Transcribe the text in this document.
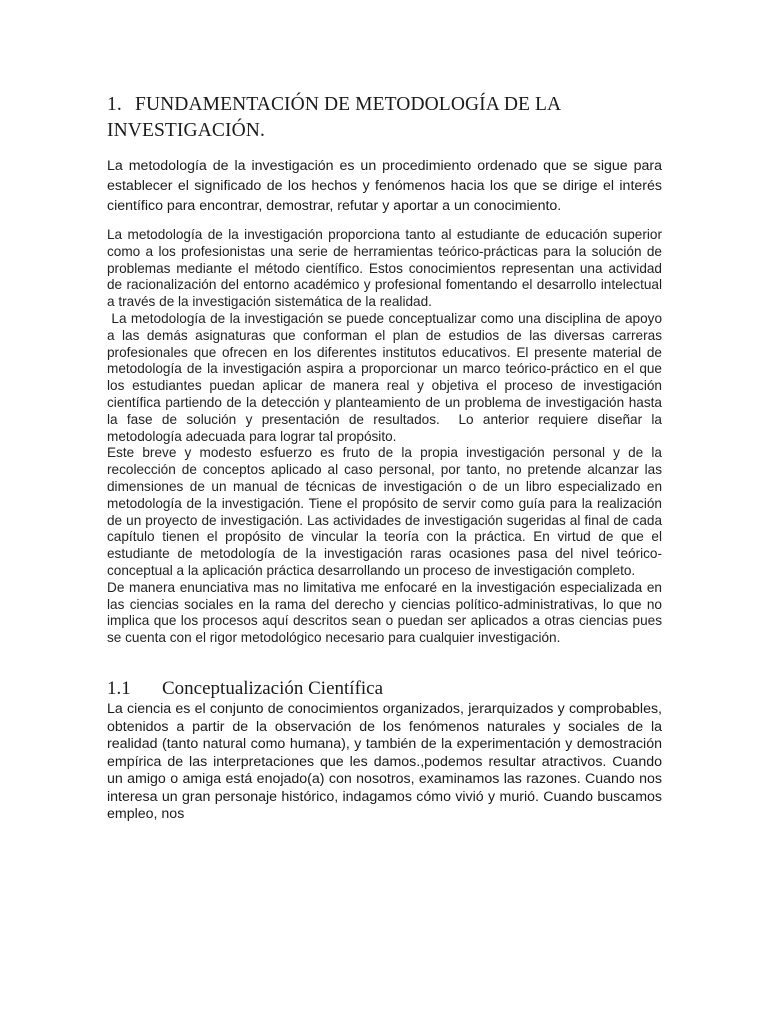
1. FUNDAMENTACIÓN DE METODOLOGÍA DE LA INVESTIGACIÓN.

La metodología de la investigación es un procedimiento ordenado que se sigue para establecer el significado de los hechos y fenómenos hacia los que se dirige el interés científico para encontrar, demostrar, refutar y aportar a un conocimiento.

La metodología de la investigación proporciona tanto al estudiante de educación superior como a los profesionistas una serie de herramientas teórico-prácticas para la solución de problemas mediante el método científico. Estos conocimientos representan una actividad de racionalización del entorno académico y profesional fomentando el desarrollo intelectual a través de la investigación sistemática de la realidad.

La metodología de la investigación se puede conceptualizar como una disciplina de apoyo a las demás asignaturas que conforman el plan de estudios de las diversas carreras profesionales que ofrecen en los diferentes institutos educativos. El presente material de metodología de la investigación aspira a proporcionar un marco teórico-práctico en el que los estudiantes puedan aplicar de manera real y objetiva el proceso de investigación científica partiendo de la detección y planteamiento de un problema de investigación hasta la fase de solución y presentación de resultados.  Lo anterior requiere diseñar la metodología adecuada para lograr tal propósito.

Este breve y modesto esfuerzo es fruto de la propia investigación personal y de la recolección de conceptos aplicado al caso personal, por tanto, no pretende alcanzar las dimensiones de un manual de técnicas de investigación o de un libro especializado en metodología de la investigación. Tiene el propósito de servir como guía para la realización de un proyecto de investigación. Las actividades de investigación sugeridas al final de cada capítulo tienen el propósito de vincular la teoría con la práctica. En virtud de que el estudiante de metodología de la investigación raras ocasiones pasa del nivel teórico-conceptual a la aplicación práctica desarrollando un proceso de investigación completo.

De manera enunciativa mas no limitativa me enfocaré en la investigación especializada en las ciencias sociales en la rama del derecho y ciencias político-administrativas, lo que no implica que los procesos aquí descritos sean o puedan ser aplicados a otras ciencias pues se cuenta con el rigor metodológico necesario para cualquier investigación.

1.1 Conceptualización Científica

La ciencia es el conjunto de conocimientos organizados, jerarquizados y comprobables, obtenidos a partir de la observación de los fenómenos naturales y sociales de la realidad (tanto natural como humana), y también de la experimentación y demostración empírica de las interpretaciones que les damos.,podemos resultar atractivos. Cuando un amigo o amiga está enojado(a) con nosotros, examinamos las razones. Cuando nos interesa un gran personaje histórico, indagamos cómo vivió y murió. Cuando buscamos empleo, nos
